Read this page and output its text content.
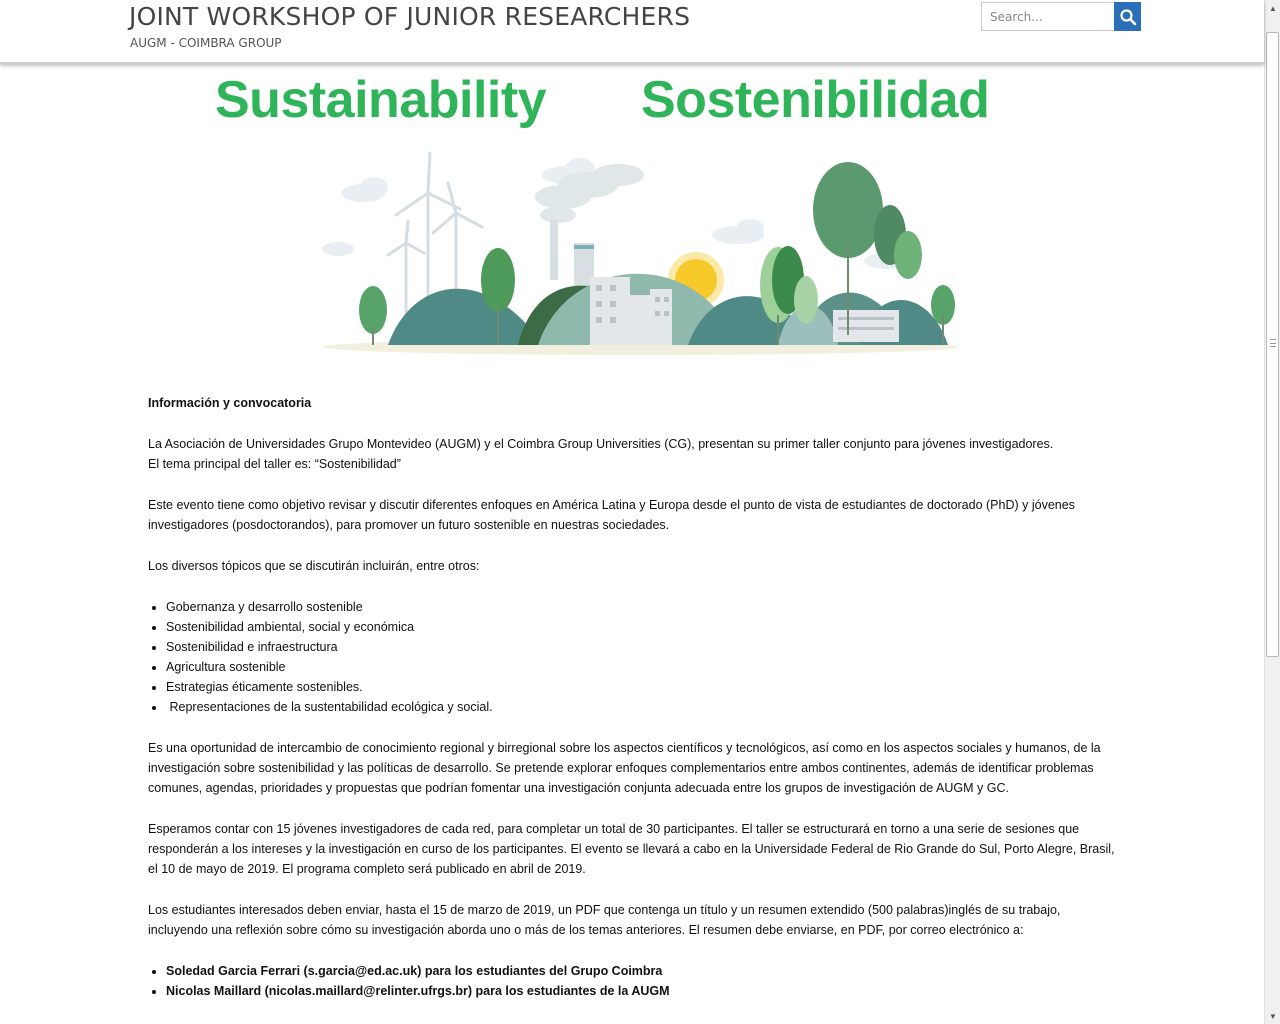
JOINT WORKSHOP OF JUNIOR RESEARCHERS

AUGM - COIMBRA GROUP

Search...
▲
▼
Sustainability Sostenibilidad
Información y convocatoria

La Asociación de Universidades Grupo Montevideo (AUGM) y el Coimbra Group Universities (CG), presentan su primer taller conjunto para jóvenes investigadores.
El tema principal del taller es: “Sostenibilidad”

Este evento tiene como objetivo revisar y discutir diferentes enfoques en América Latina y Europa desde el punto de vista de estudiantes de doctorado (PhD) y jóvenes investigadores (posdoctorandos), para promover un futuro sostenible en nuestras sociedades.

Los diversos tópicos que se discutirán incluirán, entre otros:

• Gobernanza y desarrollo sostenible
• Sostenibilidad ambiental, social y económica
• Sostenibilidad e infraestructura
• Agricultura sostenible
• Estrategias éticamente sostenibles.
•  Representaciones de la sustentabilidad ecológica y social.

Es una oportunidad de intercambio de conocimiento regional y birregional sobre los aspectos científicos y tecnológicos, así como en los aspectos sociales y humanos, de la investigación sobre sostenibilidad y las políticas de desarrollo. Se pretende explorar enfoques complementarios entre ambos continentes, además de identificar problemas comunes, agendas, prioridades y propuestas que podrían fomentar una investigación conjunta adecuada entre los grupos de investigación de AUGM y GC.

Esperamos contar con 15 jóvenes investigadores de cada red, para completar un total de 30 participantes. El taller se estructurará en torno a una serie de sesiones que responderán a los intereses y la investigación en curso de los participantes. El evento se llevará a cabo en la Universidade Federal de Rio Grande do Sul, Porto Alegre, Brasil, el 10 de mayo de 2019. El programa completo será publicado en abril de 2019.

Los estudiantes interesados deben enviar, hasta el 15 de marzo de 2019, un PDF que contenga un título y un resumen extendido (500 palabras)inglés de su trabajo, incluyendo una reflexión sobre cómo su investigación aborda uno o más de los temas anteriores. El resumen debe enviarse, en PDF, por correo electrónico a:

• Soledad Garcia Ferrari (s.garcia@ed.ac.uk) para los estudiantes del Grupo Coimbra
• Nicolas Maillard (nicolas.maillard@relinter.ufrgs.br) para los estudiantes de la AUGM
